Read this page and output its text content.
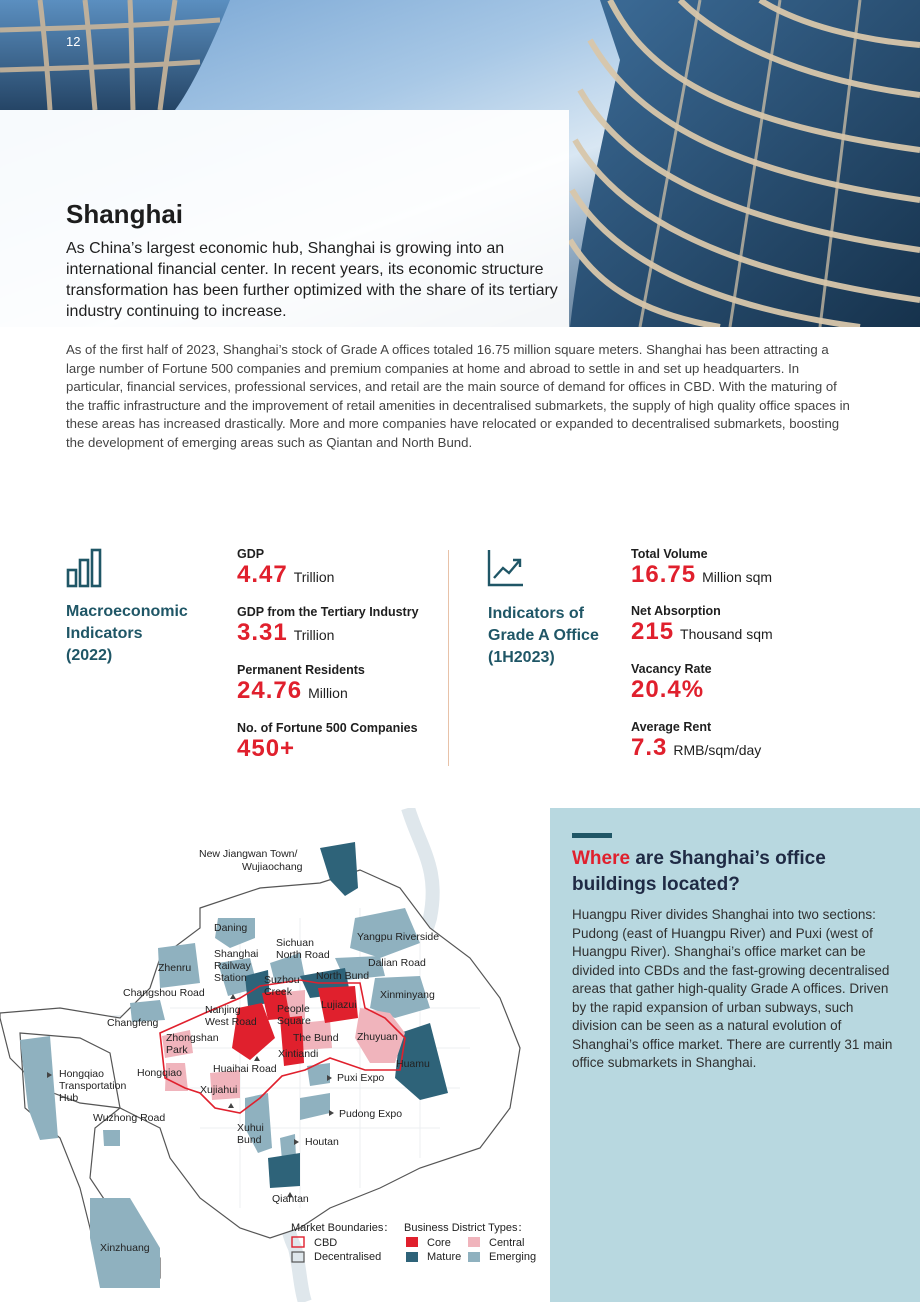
12
Shanghai

As China’s largest economic hub, Shanghai is growing into an international financial center. In recent years, its economic structure transformation has been further optimized with the share of its tertiary industry continuing to increase.

As of the first half of 2023, Shanghai’s stock of Grade A offices totaled 16.75 million square meters. Shanghai has been attracting a large number of Fortune 500 companies and premium companies at home and abroad to settle in and set up headquarters. In particular, financial services, professional services, and retail are the main source of demand for offices in CBD. With the maturing of the traffic infrastructure and the improvement of retail amenities in decentralised submarkets, the supply of high quality office spaces in these areas has increased drastically. More and more companies have relocated or expanded to decentralised submarkets, boosting the development of emerging areas such as Qiantan and North Bund.

Macroeconomic
Indicators
(2022)
GDP
4.47 Trillion
GDP from the Tertiary Industry
3.31 Trillion
Permanent Residents
24.76 Million
No. of Fortune 500 Companies
450+
Indicators of
Grade A Office
(1H2023)
Total Volume
16.75 Million sqm
Net Absorption
215 Thousand sqm
Vacancy Rate
20.4%
Average Rent
7.3 RMB/sqm/day
New Jiangwan Town/
Wujiaochang
Daning
Sichuan
North Road
Yangpu Riverside
Shanghai
Railway
Station
Dalian Road
Zhenru
Suzhou
Creek
North Bund
Changshou Road	Xinminyang
Nanjing
West Road
People
Square
Lujiazui
Changfeng
Zhongshan
Park
The Bund Zhuyuan
Xintiandi
Huamu
Hongqiao
Transportation
Hub
Hongqiao	Huaihai Road
Puxi Expo
Xujiahui
Wuzhong Road	Pudong Expo
Xuhui
Bund	Houtan
Qiantan
Xinzhuang
Market Boundaries： Business District Types：
CBD
Decentralised
Core
Mature
Central
Emerging
Where are Shanghai’s office buildings located?

Huangpu River divides Shanghai into two sections: Pudong (east of Huangpu River) and Puxi (west of Huangpu River). Shanghai’s office market can be divided into CBDs and the fast-growing decentralised areas that gather high-quality Grade A offices. Driven by the rapid expansion of urban subways, such division can be seen as a natural evolution of Shanghai’s office market. There are currently 31 main office submarkets in Shanghai.
